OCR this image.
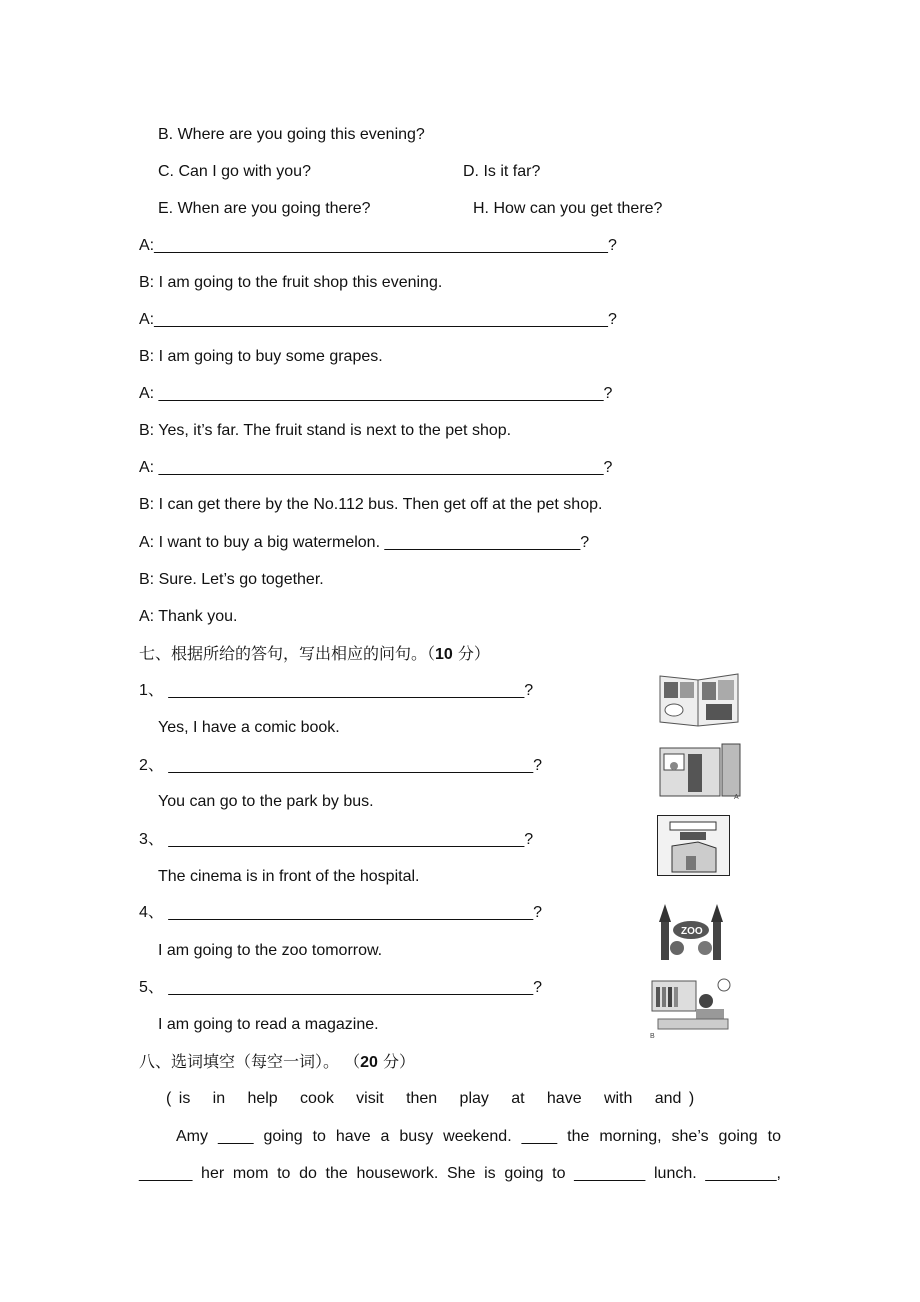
B. Where are you going this evening?
C. Can I go with you?	D. Is it far?
E. When are you going there?	H. How can you get there?
A:___________________________________________________?
B: I am going to the fruit shop this evening.
A:___________________________________________________?
B: I am going to buy some grapes.
A: __________________________________________________?
B: Yes, it’s far. The fruit stand is next to the pet shop.
A: __________________________________________________?
B: I can get there by the No.112 bus. Then get off at the pet shop.
A: I want to buy a big watermelon. ______________________?
B: Sure. Let’s go together.
A: Thank you.
七、根据所给的答句，写出相应的问句。（10 分）
1、 ________________________________________?
Yes, I have a comic book.
2、 _________________________________________?
You can go to the park by bus.
3、 ________________________________________?
The cinema is in front of the hospital.
4、 _________________________________________?
I am going to the zoo tomorrow.
5、 _________________________________________?
I am going to read a magazine.
A
ZOO
B
八、选词填空（每空一词）。 （20 分）
( is   in   help   cook   visit   then   play   at   have   with   and )
Amy ____ going to have a busy weekend. ____ the morning, she’s going to
______ her mom to do the housework. She is going to ________ lunch. ________,
